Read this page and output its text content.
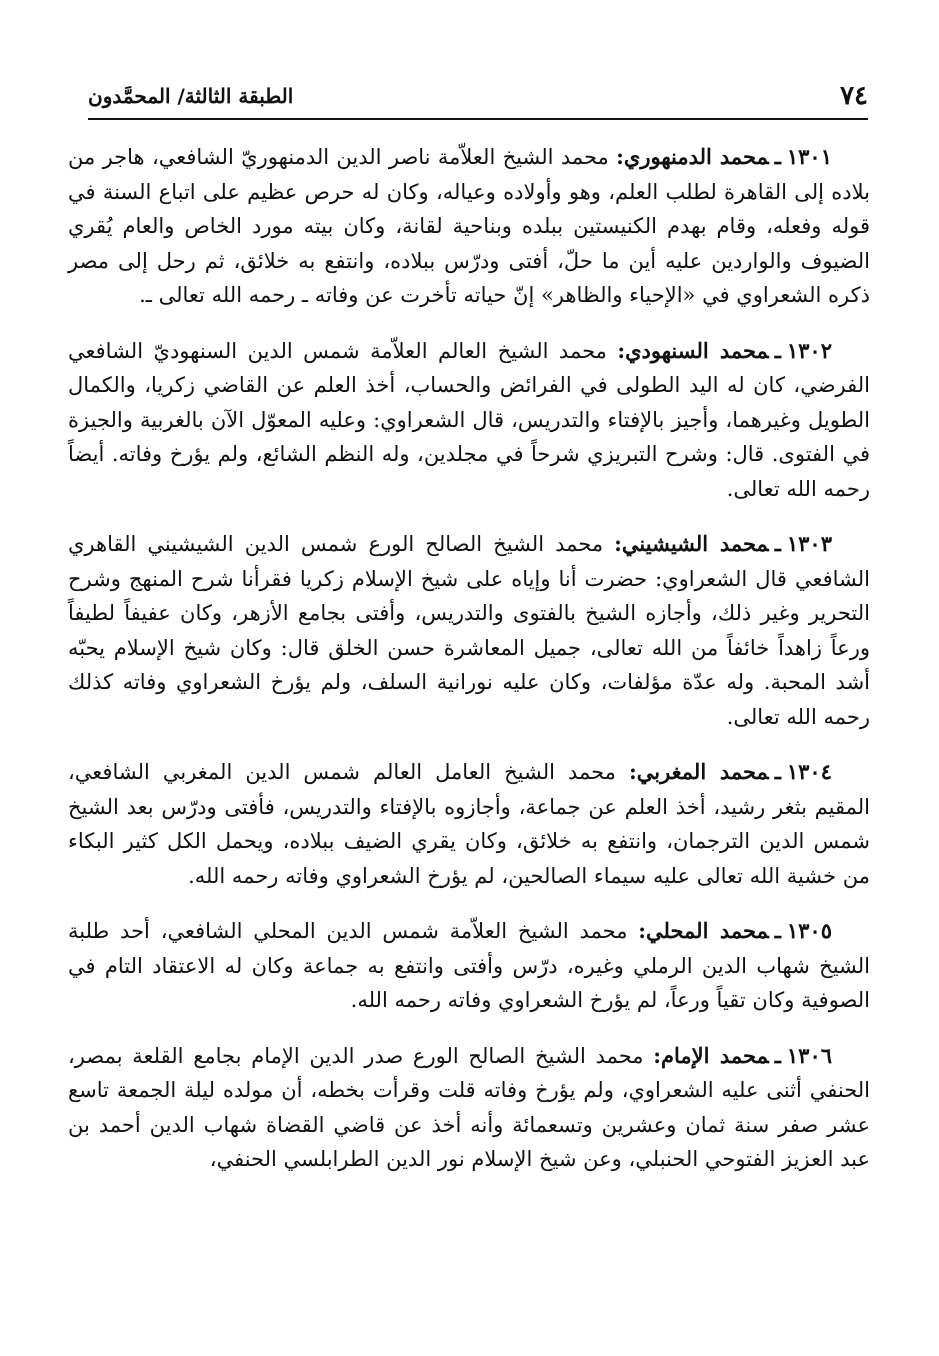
٧٤
الطبقة الثالثة/ المحمَّدون

١٣٠١ـمحمد الدمنهوري: محمد الشيخ العلاّمة ناصر الدين الدمنهوريّ الشافعي، هاجر من بلاده إلى القاهرة لطلب العلم، وهو وأولاده وعياله، وكان له حرص عظيم على اتباع السنة في قوله وفعله، وقام بهدم الكنيستين ببلده وبناحية لقانة، وكان بيته مورد الخاص والعام يُقري الضيوف والواردين عليه أين ما حلّ، أفتى ودرّس ببلاده، وانتفع به خلائق، ثم رحل إلى مصر ذكره الشعراوي في «الإحياء والظاهر» إنّ حياته تأخرت عن وفاته ـ رحمه الله تعالى ـ.

١٣٠٢ـمحمد السنهودي: محمد الشيخ العالم العلاّمة شمس الدين السنهوديّ الشافعي الفرضي، كان له اليد الطولى في الفرائض والحساب، أخذ العلم عن القاضي زكريا، والكمال الطويل وغيرهما، وأجيز بالإفتاء والتدريس، قال الشعراوي: وعليه المعوّل الآن بالغربية والجيزة في الفتوى. قال: وشرح التبريزي شرحاً في مجلدين، وله النظم الشائع، ولم يؤرخ وفاته. أيضاً رحمه الله تعالى.

١٣٠٣ـمحمد الشيشيني: محمد الشيخ الصالح الورع شمس الدين الشيشيني القاهري الشافعي قال الشعراوي: حضرت أنا وإياه على شيخ الإسلام زكريا فقرأنا شرح المنهج وشرح التحرير وغير ذلك، وأجازه الشيخ بالفتوى والتدريس، وأفتى بجامع الأزهر، وكان عفيفاً لطيفاً ورعاً زاهداً خائفاً من الله تعالى، جميل المعاشرة حسن الخلق قال: وكان شيخ الإسلام يحبّه أشد المحبة. وله عدّة مؤلفات، وكان عليه نورانية السلف، ولم يؤرخ الشعراوي وفاته كذلك رحمه الله تعالى.

١٣٠٤ـمحمد المغربي: محمد الشيخ العامل العالم شمس الدين المغربي الشافعي، المقيم بثغر رشيد، أخذ العلم عن جماعة، وأجازوه بالإفتاء والتدريس، فأفتى ودرّس بعد الشيخ شمس الدين الترجمان، وانتفع به خلائق، وكان يقري الضيف ببلاده، ويحمل الكل كثير البكاء من خشية الله تعالى عليه سيماء الصالحين، لم يؤرخ الشعراوي وفاته رحمه الله.

١٣٠٥ـمحمد المحلي: محمد الشيخ العلاّمة شمس الدين المحلي الشافعي، أحد طلبة الشيخ شهاب الدين الرملي وغيره، درّس وأفتى وانتفع به جماعة وكان له الاعتقاد التام في الصوفية وكان تقياً ورعاً، لم يؤرخ الشعراوي وفاته رحمه الله.

١٣٠٦ـمحمد الإمام: محمد الشيخ الصالح الورع صدر الدين الإمام بجامع القلعة بمصر، الحنفي أثنى عليه الشعراوي، ولم يؤرخ وفاته قلت وقرأت بخطه، أن مولده ليلة الجمعة تاسع عشر صفر سنة ثمان وعشرين وتسعمائة وأنه أخذ عن قاضي القضاة شهاب الدين أحمد بن عبد العزيز الفتوحي الحنبلي، وعن شيخ الإسلام نور الدين الطرابلسي الحنفي،
